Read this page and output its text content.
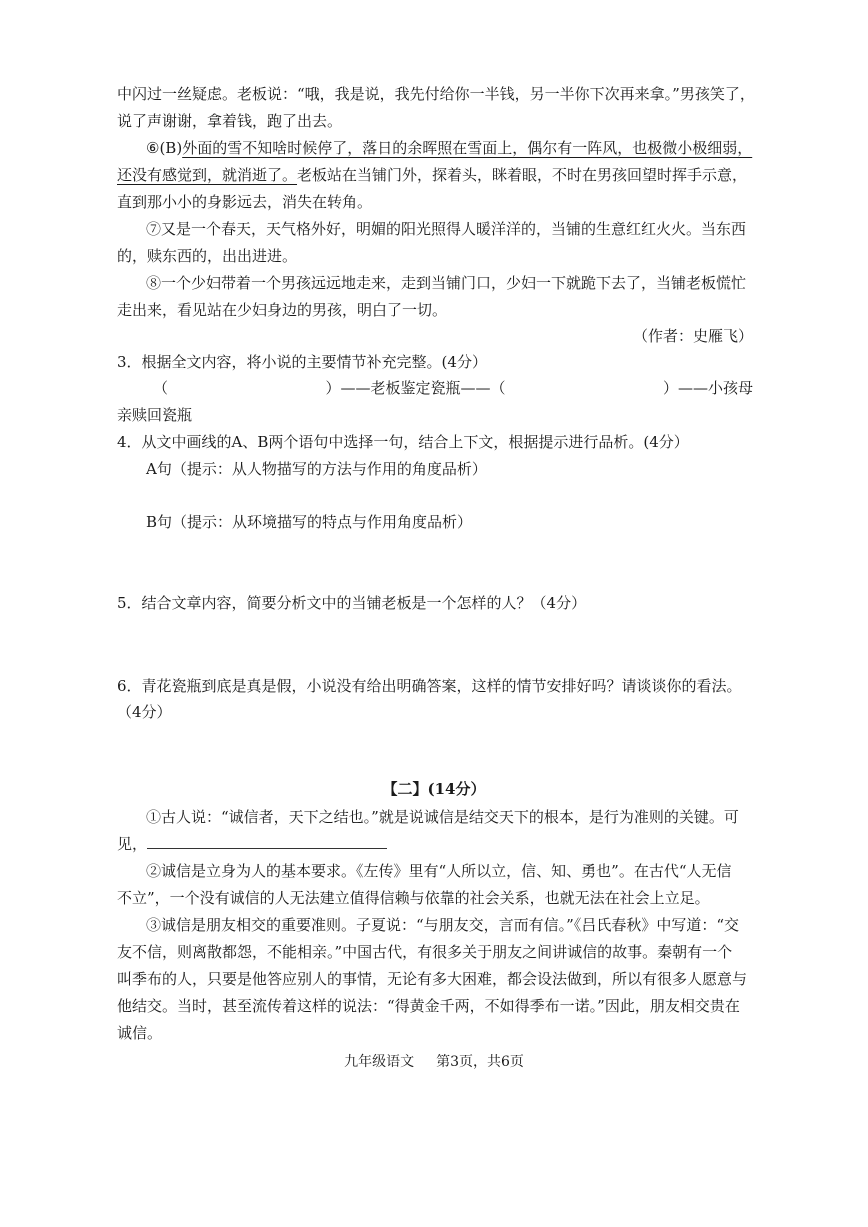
中闪过一丝疑虑。老板说：“哦，我是说，我先付给你一半钱，另一半你下次再来拿。”男孩笑了，
说了声谢谢，拿着钱，跑了出去。
⑥(B)外面的雪不知啥时候停了，落日的余晖照在雪面上，偶尔有一阵风，也极微小极细弱，
还没有感觉到，就消逝了。老板站在当铺门外，探着头，眯着眼，不时在男孩回望时挥手示意，
直到那小小的身影远去，消失在转角。
⑦又是一个春天，天气格外好，明媚的阳光照得人暖洋洋的，当铺的生意红红火火。当东西
的，赎东西的，出出进进。
⑧一个少妇带着一个男孩远远地走来，走到当铺门口，少妇一下就跪下去了，当铺老板慌忙
走出来，看见站在少妇身边的男孩，明白了一切。
（作者：史雁飞）
3．根据全文内容，将小说的主要情节补充完整。(4分）
（	）——老板鉴定瓷瓶——（	）——小孩母
亲赎回瓷瓶
4．从文中画线的A、B两个语句中选择一句，结合上下文，根据提示进行品析。(4分）
A句（提示：从人物描写的方法与作用的角度品析）
B句（提示：从环境描写的特点与作用角度品析）
5．结合文章内容，简要分析文中的当铺老板是一个怎样的人？（4分）
6．青花瓷瓶到底是真是假，小说没有给出明确答案，这样的情节安排好吗？请谈谈你的看法。
（4分）
【二】(14分）
①古人说：“诚信者，天下之结也。”就是说诚信是结交天下的根本，是行为准则的关键。可
见，
②诚信是立身为人的基本要求。《左传》里有“人所以立，信、知、勇也”。在古代“人无信
不立”，一个没有诚信的人无法建立值得信赖与依靠的社会关系，也就无法在社会上立足。
③诚信是朋友相交的重要准则。子夏说：“与朋友交，言而有信。”《吕氏春秋》中写道：“交
友不信，则离散都怨，不能相亲。”中国古代，有很多关于朋友之间讲诚信的故事。秦朝有一个
叫季布的人，只要是他答应别人的事情，无论有多大困难，都会设法做到，所以有很多人愿意与
他结交。当时，甚至流传着这样的说法：“得黄金千两，不如得季布一诺。”因此，朋友相交贵在
诚信。
九年级语文 第3页，共6页
